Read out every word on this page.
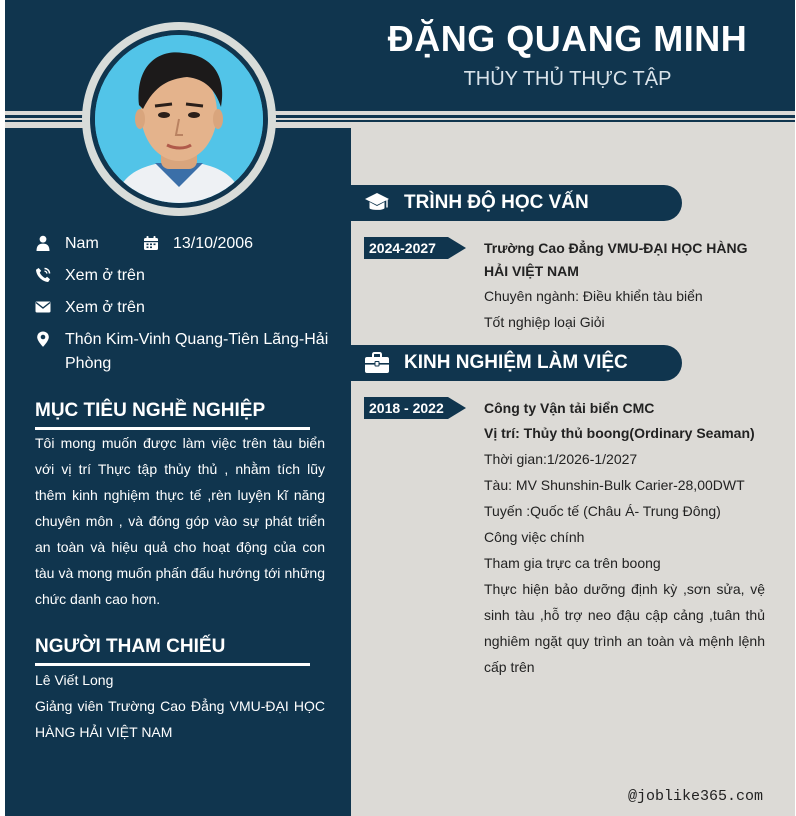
ĐẶNG QUANG MINH
THỦY THỦ THỰC TẬP
Nam	13/10/2006
Xem ở trên
Xem ở trên
Thôn Kim-Vinh Quang-Tiên Lãng-Hải Phòng
MỤC TIÊU NGHỀ NGHIỆP
Tôi mong muốn được làm việc trên tàu biển với vị trí Thực tập thủy thủ , nhằm tích lũy thêm kinh nghiệm thực tế ,rèn luyện kĩ năng chuyên môn , và đóng góp vào sự phát triển an toàn và hiệu quả cho hoạt động của con tàu và mong muốn phấn đấu hướng tới những chức danh cao hơn.
NGƯỜI THAM CHIẾU
Lê Viết Long
Giảng viên Trường Cao Đẳng VMU-ĐẠI HỌC HÀNG HẢI VIỆT NAM
TRÌNH ĐỘ HỌC VẤN
2024-2027	Trường Cao Đẳng VMU-ĐẠI HỌC HÀNG HẢI VIỆT NAM
Chuyên ngành: Điều khiển tàu biển
Tốt nghiệp loại Giỏi
KINH NGHIỆM LÀM VIỆC
2018 - 2022	Công ty Vận tải biển CMC
Vị trí: Thủy thủ boong(Ordinary Seaman)
Thời gian:1/2026-1/2027
Tàu: MV Shunshin-Bulk Carier-28,00DWT
Tuyến :Quốc tế (Châu Á- Trung Đông)
Công việc chính
Tham gia trực ca trên boong
Thực hiện bảo dưỡng định kỳ ,sơn sửa, vệ sinh tàu ,hỗ trợ neo đậu cập cảng ,tuân thủ nghiêm ngặt quy trình an toàn và mệnh lệnh cấp trên
@joblike365.com
